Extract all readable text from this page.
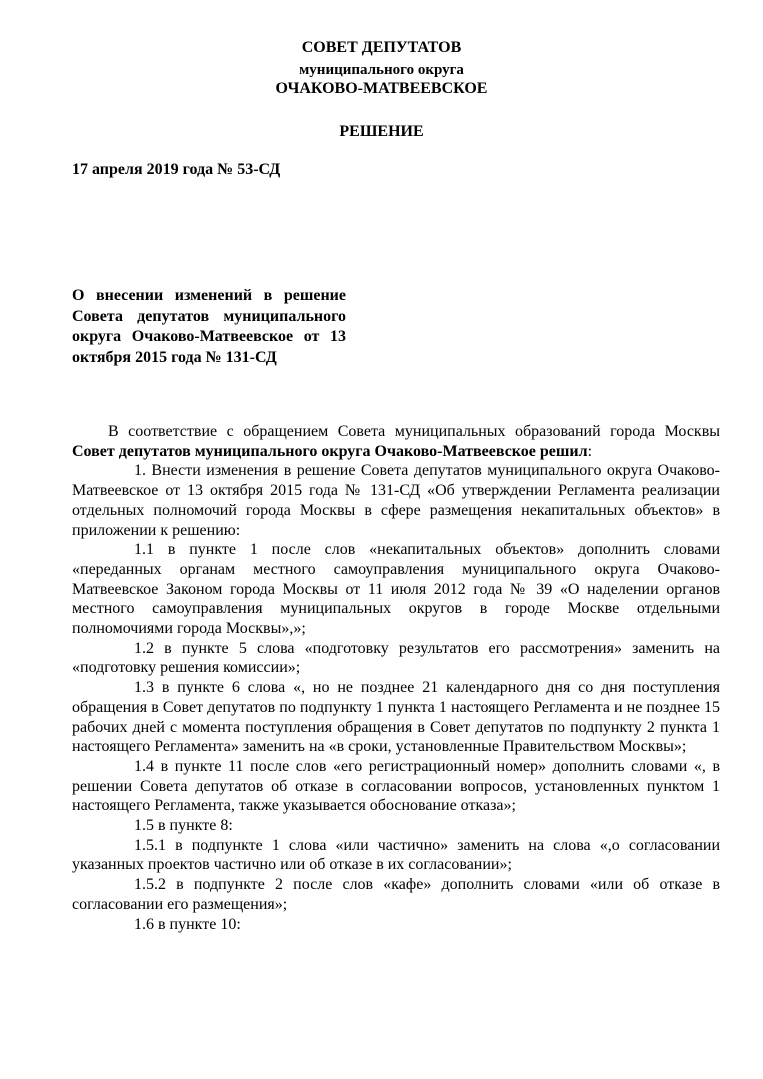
СОВЕТ ДЕПУТАТОВ
муниципального округа
ОЧАКОВО-МАТВЕЕВСКОЕ
РЕШЕНИЕ
17 апреля 2019 года № 53-СД
О внесении изменений в решение Совета депутатов муниципального округа Очаково-Матвеевское от 13
октября 2015 года № 131-СД

В соответствие с обращением Совета муниципальных образований города Москвы Совет депутатов муниципального округа Очаково-Матвеевское решил:

1. Внести изменения в решение Совета депутатов муниципального округа Очаково-Матвеевское от 13 октября 2015 года № 131-СД «Об утверждении Регламента реализации отдельных полномочий города Москвы в сфере размещения некапитальных объектов» в приложении к решению:

1.1 в пункте 1 после слов «некапитальных объектов» дополнить словами «переданных органам местного самоуправления муниципального округа Очаково-Матвеевское Законом города Москвы от 11 июля 2012 года № 39 «О наделении органов местного самоуправления муниципальных округов в городе Москве отдельными полномочиями города Москвы»,»;

1.2 в пункте 5 слова «подготовку результатов его рассмотрения» заменить на «подготовку решения комиссии»;

1.3 в пункте 6 слова «, но не позднее 21 календарного дня со дня поступления обращения в Совет депутатов по подпункту 1 пункта 1 настоящего Регламента и не позднее 15 рабочих дней с момента поступления обращения в Совет депутатов по подпункту 2 пункта 1 настоящего Регламента» заменить на «в сроки, установленные Правительством Москвы»;

1.4 в пункте 11 после слов «его регистрационный номер» дополнить словами «, в решении Совета депутатов об отказе в согласовании вопросов, установленных пунктом 1 настоящего Регламента, также указывается обоснование отказа»;

1.5 в пункте 8:

1.5.1 в подпункте 1 слова «или частично» заменить на слова «,о согласовании указанных проектов частично или об отказе в их согласовании»;

1.5.2 в подпункте 2 после слов «кафе» дополнить словами «или об отказе в согласовании его размещения»;

1.6 в пункте 10:
